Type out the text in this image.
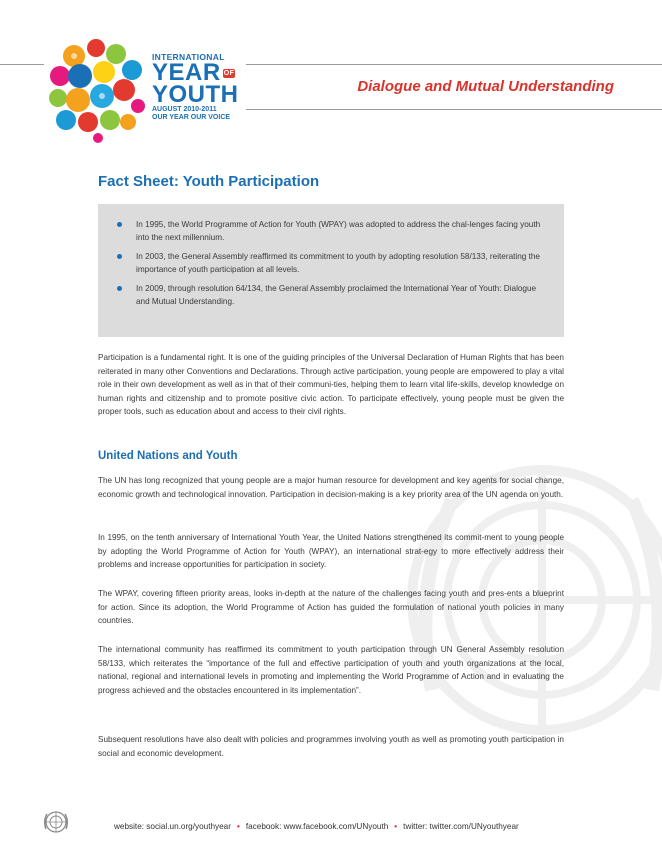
INTERNATIONAL
YEAR OF
YOUTH
AUGUST 2010-2011
OUR YEAR OUR VOICE
Dialogue and Mutual Understanding
Fact Sheet: Youth Participation
In 1995, the World Programme of Action for Youth (WPAY) was adopted to address the chal-lenges facing youth into the next millennium.
In 2003, the General Assembly reaffirmed its commitment to youth by adopting resolution 58/133, reiterating the importance of youth participation at all levels.
In 2009, through resolution 64/134, the General Assembly proclaimed the International Year of Youth: Dialogue and Mutual Understanding.

Participation is a fundamental right. It is one of the guiding principles of the Universal Declaration of Human Rights that has been reiterated in many other Conventions and Declarations. Through active participation, young people are empowered to play a vital role in their own development as well as in that of their communi-ties, helping them to learn vital life-skills, develop knowledge on human rights and citizenship and to promote positive civic action. To participate effectively, young people must be given the proper tools, such as education about and access to their civil rights.

United Nations and Youth

The UN has long recognized that young people are a major human resource for development and key agents for social change, economic growth and technological innovation. Participation in decision-making is a key priority area of the UN agenda on youth.

In 1995, on the tenth anniversary of International Youth Year, the United Nations strengthened its commit-ment to young people by adopting the World Programme of Action for Youth (WPAY), an international strat-egy to more effectively address their problems and increase opportunities for participation in society.

The WPAY, covering fifteen priority areas, looks in-depth at the nature of the challenges facing youth and pres-ents a blueprint for action. Since its adoption, the World Programme of Action has guided the formulation of national youth policies in many countries.

The international community has reaffirmed its commitment to youth participation through UN General Assembly resolution 58/133, which reiterates the “importance of the full and effective participation of youth and youth organizations at the local, national, regional and international levels in promoting and implementing the World Programme of Action and in evaluating the progress achieved and the obstacles encountered in its implementation”.

Subsequent resolutions have also dealt with policies and programmes involving youth as well as promoting youth participation in social and economic development.

website: social.un.org/youthyear • facebook: www.facebook.com/UNyouth • twitter: twitter.com/UNyouthyear
